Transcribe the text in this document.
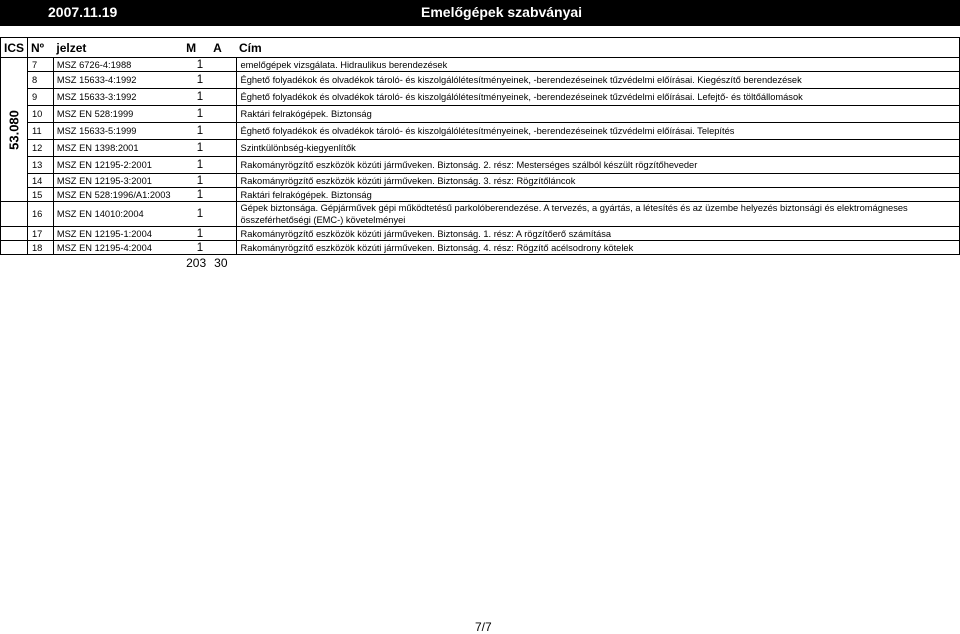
2007.11.19	Emelőgépek szabványai
ICS	Nº	jelzet	M	A	Cím

53.080	7	MSZ 6726-4:1988	1		emelőgépek vizsgálata. Hidraulikus berendezések
	8	MSZ 15633-4:1992	1		Éghető folyadékok és olvadékok tároló- és kiszolgálólétesítményeinek, -berendezéseinek tűzvédelmi előírásai. Kiegészítő berendezések
	9	MSZ 15633-3:1992	1		Éghető folyadékok és olvadékok tároló- és kiszolgálólétesítményeinek, -berendezéseinek tűzvédelmi előírásai. Lefejtő- és töltőállomások
	10	MSZ EN 528:1999	1		Raktári felrakógépek. Biztonság
	11	MSZ 15633-5:1999	1		Éghető folyadékok és olvadékok tároló- és kiszolgálólétesítményeinek, -berendezéseinek tűzvédelmi előírásai. Telepítés
	12	MSZ EN 1398:2001	1		Szintkülönbség-kiegyenlítők
	13	MSZ EN 12195-2:2001	1		Rakományrögzítő eszközök közúti járműveken. Biztonság. 2. rész: Mesterséges szálból készült rögzítőheveder
	14	MSZ EN 12195-3:2001	1		Rakományrögzítő eszközök közúti járműveken. Biztonság. 3. rész: Rögzítőláncok
	15	MSZ EN 528:1996/A1:2003	1		Raktári felrakógépek. Biztonság
	16	MSZ EN 14010:2004	1		Gépek biztonsága. Gépjárművek gépi működtetésű parkolóberendezése. A tervezés, a gyártás, a létesítés és az üzembe helyezés biztonsági és elektromágneses összeférhetőségi (EMC-) követelményei

	17	MSZ EN 12195-1:2004	1		Rakományrögzítő eszközök közúti járműveken. Biztonság. 1. rész: A rögzítőerő számítása
	18	MSZ EN 12195-4:2004	1		Rakományrögzítő eszközök közúti járműveken. Biztonság. 4. rész: Rögzítő acélsodrony kötelek
			203	30	
7/7
